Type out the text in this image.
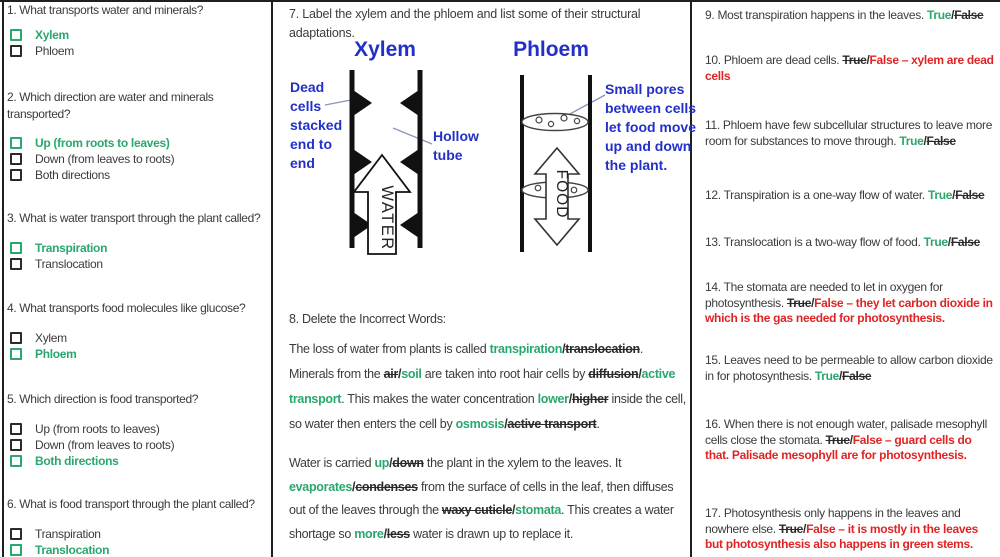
1. What transports water and minerals?
Xylem
Phloem
2. Which direction are water and minerals transported?
Up (from roots to leaves)
Down (from leaves to roots)
Both directions
3. What is water transport through the plant called?
Transpiration
Translocation
4. What transports food molecules like glucose?
Xylem
Phloem
5. Which direction is food transported?
Up (from roots to leaves)
Down (from leaves to roots)
Both directions
6. What is food transport through the plant called?
Transpiration
Translocation
7. Label the xylem and the phloem and list some of their structural adaptations.
Xylem	Phloem
WATER	FOOD
Dead cells stacked end to end
Hollow tube
Small pores between cells let food move up and down the plant.
8. Delete the Incorrect Words:
The loss of water from plants is called transpiration/translocation. Minerals from the air/soil are taken into root hair cells by diffusion/active transport. This makes the water concentration lower/higher inside the cell, so water then enters the cell by osmosis/active transport.
Water is carried up/down the plant in the xylem to the leaves. It evaporates/condenses from the surface of cells in the leaf, then diffuses out of the leaves through the waxy cuticle/stomata. This creates a water shortage so more/less water is drawn up to replace it.
9. Most transpiration happens in the leaves. True/False
10. Phloem are dead cells. True/False – xylem are dead cells
11. Phloem have few subcellular structures to leave more room for substances to move through. True/False
12. Transpiration is a one-way flow of water. True/False
13. Translocation is a two-way flow of food. True/False
14. The stomata are needed to let in oxygen for photosynthesis. True/False – they let carbon dioxide in which is the gas needed for photosynthesis.
15. Leaves need to be permeable to allow carbon dioxide in for photosynthesis. True/False
16. When there is not enough water, palisade mesophyll cells close the stomata. True/False – guard cells do that. Palisade mesophyll are for photosynthesis.
17. Photosynthesis only happens in the leaves and nowhere else. True/False – it is mostly in the leaves but photosynthesis also happens in green stems.
